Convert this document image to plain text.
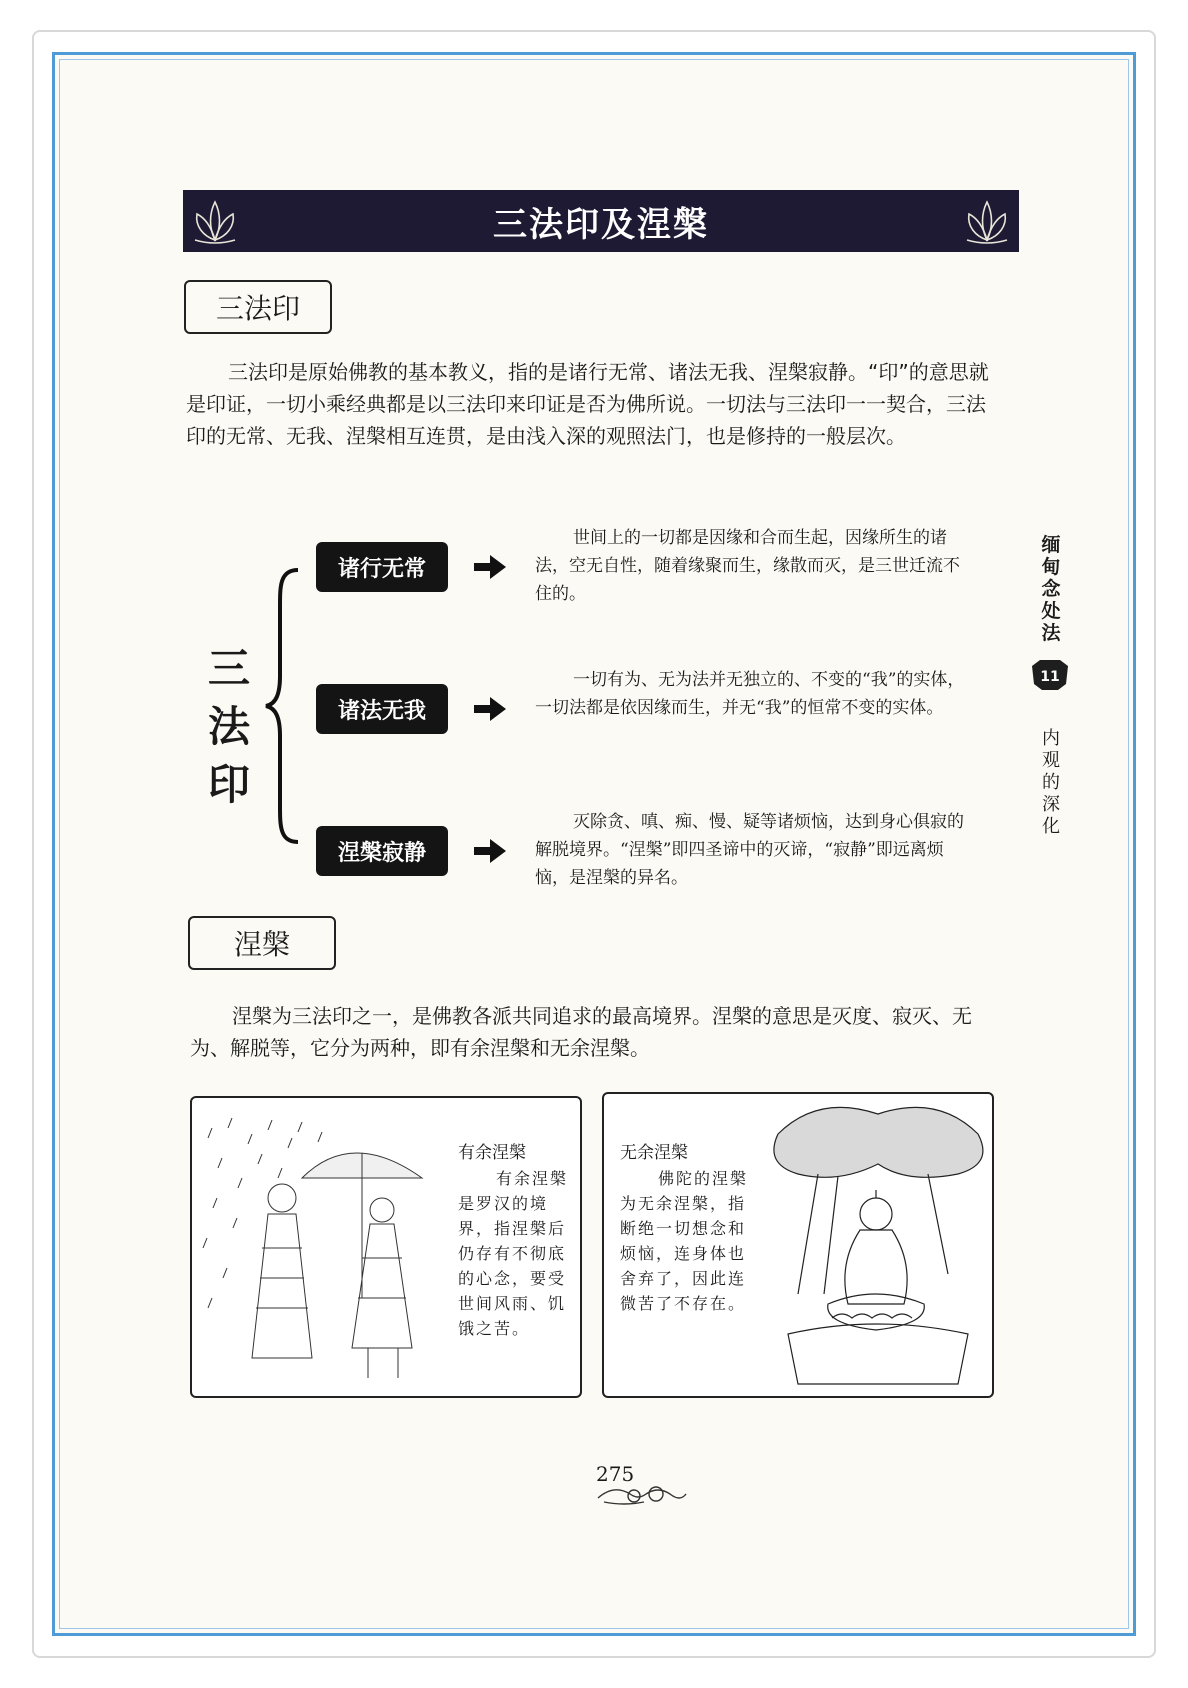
三法印及涅槃
三法印
三法印是原始佛教的基本教义，指的是诸行无常、诸法无我、涅槃寂静。“印”的意思就是印证，一切小乘经典都是以三法印来印证是否为佛所说。一切法与三法印一一契合，三法印的无常、无我、涅槃相互连贯，是由浅入深的观照法门，也是修持的一般层次。
三法印
诸行无常
世间上的一切都是因缘和合而生起，因缘所生的诸法，空无自性，随着缘聚而生，缘散而灭，是三世迁流不住的。
诸法无我
一切有为、无为法并无独立的、不变的“我”的实体，一切法都是依因缘而生，并无“我”的恒常不变的实体。
涅槃寂静
灭除贪、嗔、痴、慢、疑等诸烦恼，达到身心俱寂的解脱境界。“涅槃”即四圣谛中的灭谛，“寂静”即远离烦恼，是涅槃的异名。
涅槃
涅槃为三法印之一，是佛教各派共同追求的最高境界。涅槃的意思是灭度、寂灭、无为、解脱等，它分为两种，即有余涅槃和无余涅槃。
有余涅槃
有余涅槃是罗汉的境界，指涅槃后仍存有不彻底的心念，要受世间风雨、饥饿之苦。
无余涅槃
佛陀的涅槃为无余涅槃，指断绝一切想念和烦恼，连身体也舍弃了，因此连微苦了不存在。
缅甸念处法
11
内观的深化
275
